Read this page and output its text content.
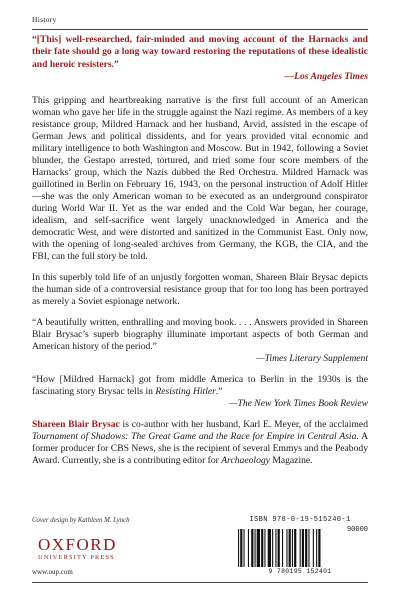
History

“[This] well-researched, fair-minded and moving account of the Harnacks and their fate should go a long way toward restoring the reputations of these idealistic and heroic resisters.”

—Los Angeles Times

This gripping and heartbreaking narrative is the first full account of an American woman who gave her life in the struggle against the Nazi regime. As members of a key resistance group, Mildred Harnack and her husband, Arvid, assisted in the escape of German Jews and political dissidents, and for years provided vital economic and military intelligence to both Washington and Moscow. But in 1942, following a Soviet blunder, the Gestapo arrested, tortured, and tried some four score members of the Harnacks’ group, which the Nazis dubbed the Red Orchestra. Mildred Harnack was guillotined in Berlin on February 16, 1943, on the personal instruction of Adolf Hitler—she was the only American woman to be executed as an underground conspirator during World War II. Yet as the war ended and the Cold War began, her courage, idealism, and self-sacrifice went largely unacknowledged in America and the democratic West, and were distorted and sanitized in the Communist East. Only now, with the opening of long-sealed archives from Germany, the KGB, the CIA, and the FBI, can the full story be told.

In this superbly told life of an unjustly forgotten woman, Shareen Blair Brysac depicts the human side of a controversial resistance group that for too long has been portrayed as merely a Soviet espionage network.

“A beautifully written, enthralling and moving book. . . . Answers provided in Shareen Blair Brysac’s superb biography illuminate important aspects of both German and American history of the period.”

—Times Literary Supplement

“How [Mildred Harnack] got from middle America to Berlin in the 1930s is the fascinating story Brysac tells in Resisting Hitler.”

—The New York Times Book Review

Shareen Blair Brysac is co-author with her husband, Karl E. Meyer, of the acclaimed Tournament of Shadows: The Great Game and the Race for Empire in Central Asia. A former producer for CBS News, she is the recipient of several Emmys and the Peabody Award. Currently, she is a contributing editor for Archaeology Magazine.

Cover design by Kathleen M. Lynch
OXFORD
UNIVERSITY PRESS
www.oup.com
ISBN 978-0-19-515240-1
90000
9 780195 152401
